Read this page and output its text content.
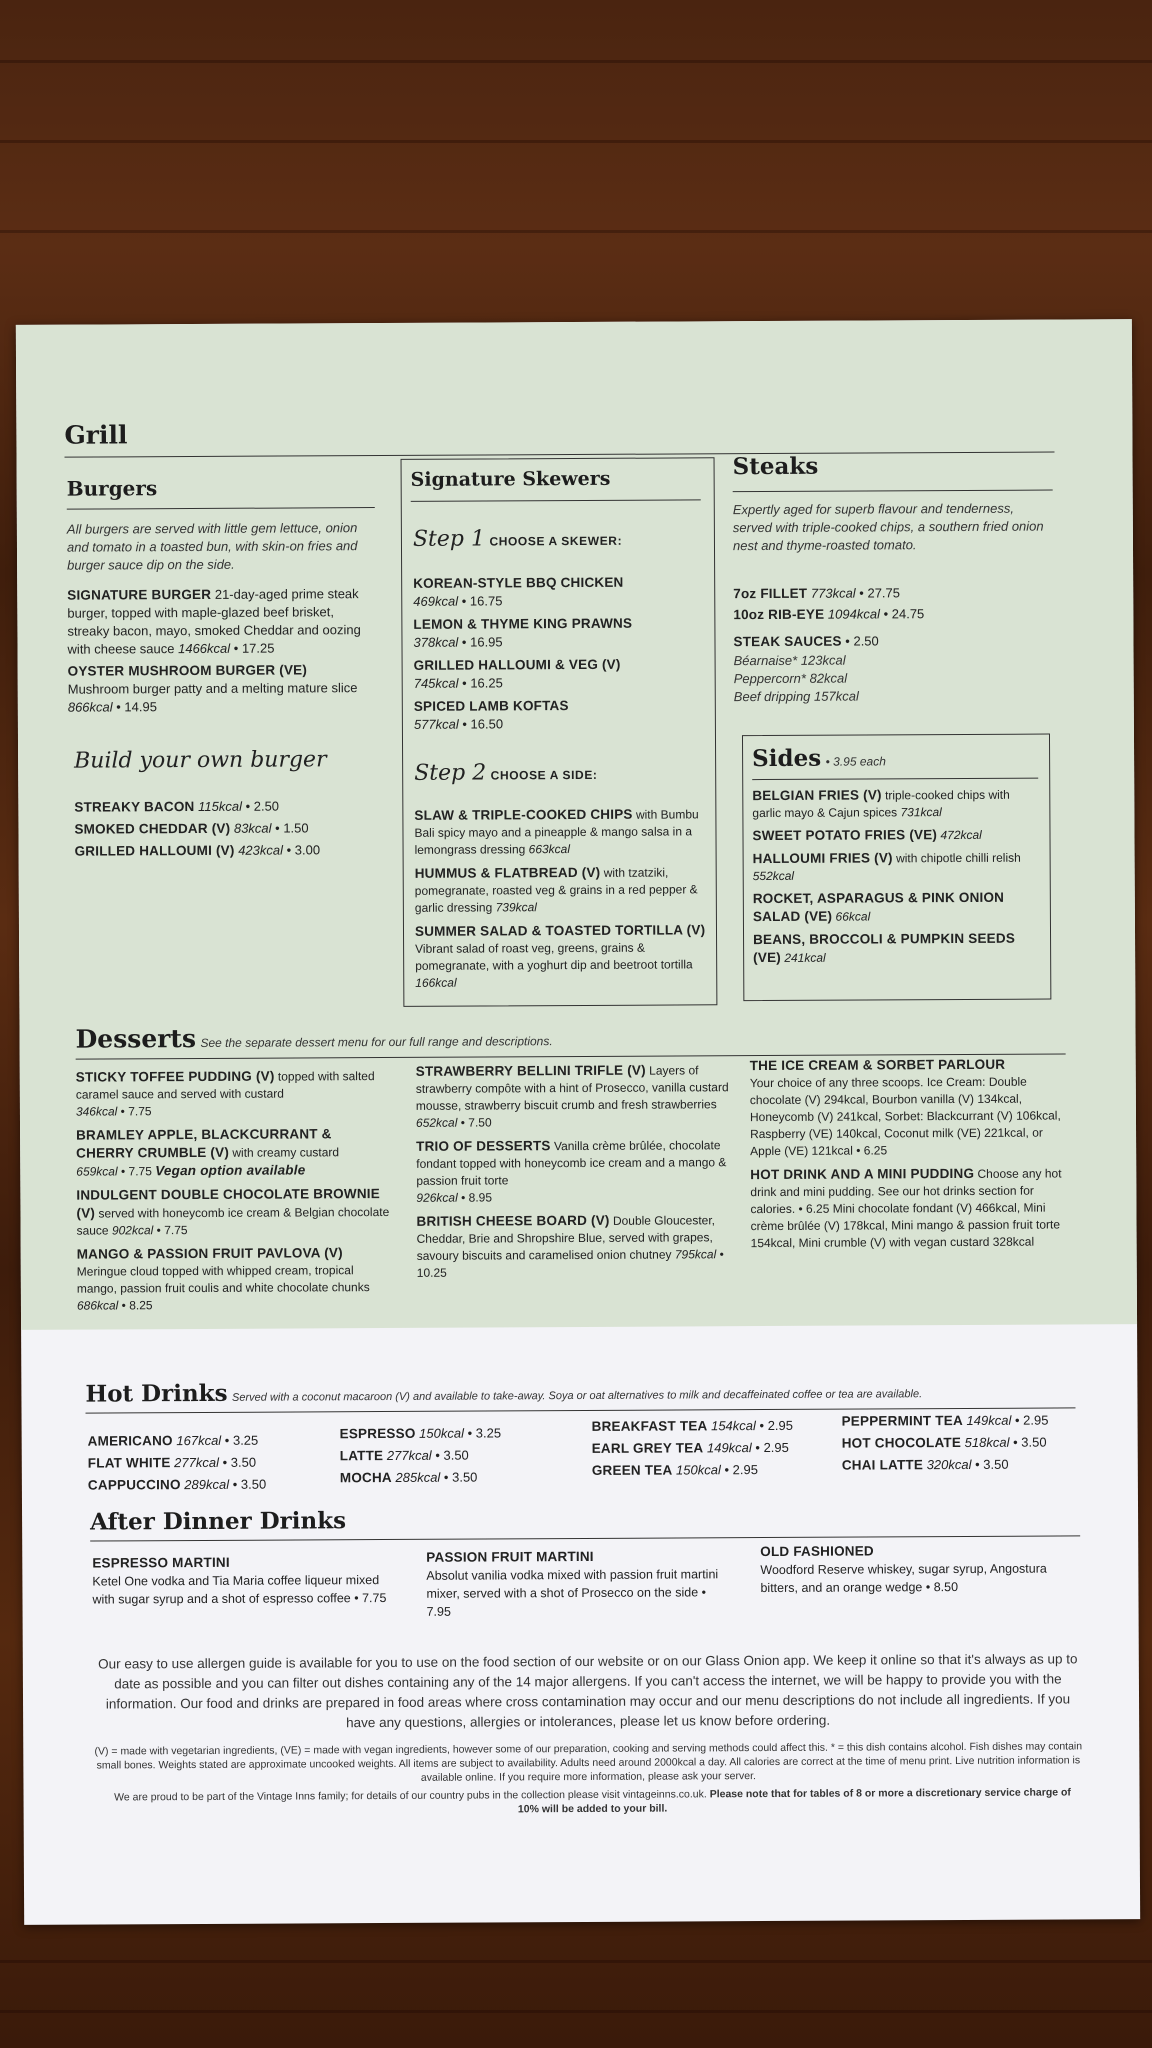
Grill
Burgers
All burgers are served with little gem lettuce, onion and tomato in a toasted bun, with skin-on fries and burger sauce dip on the side.
SIGNATURE BURGER 21-day-aged prime steak burger, topped with maple-glazed beef brisket, streaky bacon, mayo, smoked Cheddar and oozing with cheese sauce 1466kcal • 17.25
OYSTER MUSHROOM BURGER (VE)
Mushroom burger patty and a melting mature slice
866kcal • 14.95
Build your own burger
STREAKY BACON 115kcal • 2.50
SMOKED CHEDDAR (V) 83kcal • 1.50
GRILLED HALLOUMI (V) 423kcal • 3.00
Signature Skewers
Step 1 CHOOSE A SKEWER:
KOREAN-STYLE BBQ CHICKEN
469kcal • 16.75
LEMON & THYME KING PRAWNS
378kcal • 16.95
GRILLED HALLOUMI & VEG (V)
745kcal • 16.25
SPICED LAMB KOFTAS
577kcal • 16.50
Step 2 CHOOSE A SIDE:
SLAW & TRIPLE-COOKED CHIPS with Bumbu Bali spicy mayo and a pineapple & mango salsa in a lemongrass dressing 663kcal
HUMMUS & FLATBREAD (V) with tzatziki, pomegranate, roasted veg & grains in a red pepper & garlic dressing 739kcal
SUMMER SALAD & TOASTED TORTILLA (V) Vibrant salad of roast veg, greens, grains & pomegranate, with a yoghurt dip and beetroot tortilla 166kcal
Steaks
Expertly aged for superb flavour and tenderness, served with triple-cooked chips, a southern fried onion nest and thyme-roasted tomato.
7oz FILLET 773kcal • 27.75
10oz RIB-EYE 1094kcal • 24.75
STEAK SAUCES • 2.50
Béarnaise* 123kcal
Peppercorn* 82kcal
Beef dripping 157kcal
Sides • 3.95 each
BELGIAN FRIES (V) triple-cooked chips with garlic mayo & Cajun spices 731kcal
SWEET POTATO FRIES (VE) 472kcal
HALLOUMI FRIES (V) with chipotle chilli relish 552kcal
ROCKET, ASPARAGUS & PINK ONION SALAD (VE) 66kcal
BEANS, BROCCOLI & PUMPKIN SEEDS (VE) 241kcal
Desserts See the separate dessert menu for our full range and descriptions.
STICKY TOFFEE PUDDING (V) topped with salted caramel sauce and served with custard
346kcal • 7.75
BRAMLEY APPLE, BLACKCURRANT & CHERRY CRUMBLE (V) with creamy custard
659kcal • 7.75 Vegan option available
INDULGENT DOUBLE CHOCOLATE BROWNIE (V) served with honeycomb ice cream & Belgian chocolate sauce 902kcal • 7.75
MANGO & PASSION FRUIT PAVLOVA (V) Meringue cloud topped with whipped cream, tropical mango, passion fruit coulis and white chocolate chunks 686kcal • 8.25
STRAWBERRY BELLINI TRIFLE (V) Layers of strawberry compôte with a hint of Prosecco, vanilla custard mousse, strawberry biscuit crumb and fresh strawberries 652kcal • 7.50
TRIO OF DESSERTS Vanilla crème brûlée, chocolate fondant topped with honeycomb ice cream and a mango & passion fruit torte
926kcal • 8.95
BRITISH CHEESE BOARD (V) Double Gloucester, Cheddar, Brie and Shropshire Blue, served with grapes, savoury biscuits and caramelised onion chutney 795kcal • 10.25
THE ICE CREAM & SORBET PARLOUR
Your choice of any three scoops. Ice Cream: Double chocolate (V) 294kcal, Bourbon vanilla (V) 134kcal, Honeycomb (V) 241kcal, Sorbet: Blackcurrant (V) 106kcal, Raspberry (VE) 140kcal, Coconut milk (VE) 221kcal, or Apple (VE) 121kcal • 6.25
HOT DRINK AND A MINI PUDDING Choose any hot drink and mini pudding. See our hot drinks section for calories. • 6.25 Mini chocolate fondant (V) 466kcal, Mini crème brûlée (V) 178kcal, Mini mango & passion fruit torte 154kcal, Mini crumble (V) with vegan custard 328kcal
Hot Drinks Served with a coconut macaroon (V) and available to take-away. Soya or oat alternatives to milk and decaffeinated coffee or tea are available.
AMERICANO 167kcal • 3.25
FLAT WHITE 277kcal • 3.50
CAPPUCCINO 289kcal • 3.50
ESPRESSO 150kcal • 3.25
LATTE 277kcal • 3.50
MOCHA 285kcal • 3.50
BREAKFAST TEA 154kcal • 2.95
EARL GREY TEA 149kcal • 2.95
GREEN TEA 150kcal • 2.95
PEPPERMINT TEA 149kcal • 2.95
HOT CHOCOLATE 518kcal • 3.50
CHAI LATTE 320kcal • 3.50
After Dinner Drinks
ESPRESSO MARTINI
Ketel One vodka and Tia Maria coffee liqueur mixed with sugar syrup and a shot of espresso coffee • 7.75
PASSION FRUIT MARTINI
Absolut vanilia vodka mixed with passion fruit martini mixer, served with a shot of Prosecco on the side • 7.95
OLD FASHIONED
Woodford Reserve whiskey, sugar syrup, Angostura bitters, and an orange wedge • 8.50
Our easy to use allergen guide is available for you to use on the food section of our website or on our Glass Onion app. We keep it online so that it's always as up to date as possible and you can filter out dishes containing any of the 14 major allergens. If you can't access the internet, we will be happy to provide you with the information. Our food and drinks are prepared in food areas where cross contamination may occur and our menu descriptions do not include all ingredients. If you have any questions, allergies or intolerances, please let us know before ordering.
(V) = made with vegetarian ingredients, (VE) = made with vegan ingredients, however some of our preparation, cooking and serving methods could affect this. * = this dish contains alcohol. Fish dishes may contain small bones. Weights stated are approximate uncooked weights. All items are subject to availability. Adults need around 2000kcal a day. All calories are correct at the time of menu print. Live nutrition information is available online. If you require more information, please ask your server.
We are proud to be part of the Vintage Inns family; for details of our country pubs in the collection please visit vintageinns.co.uk. Please note that for tables of 8 or more a discretionary service charge of 10% will be added to your bill.
